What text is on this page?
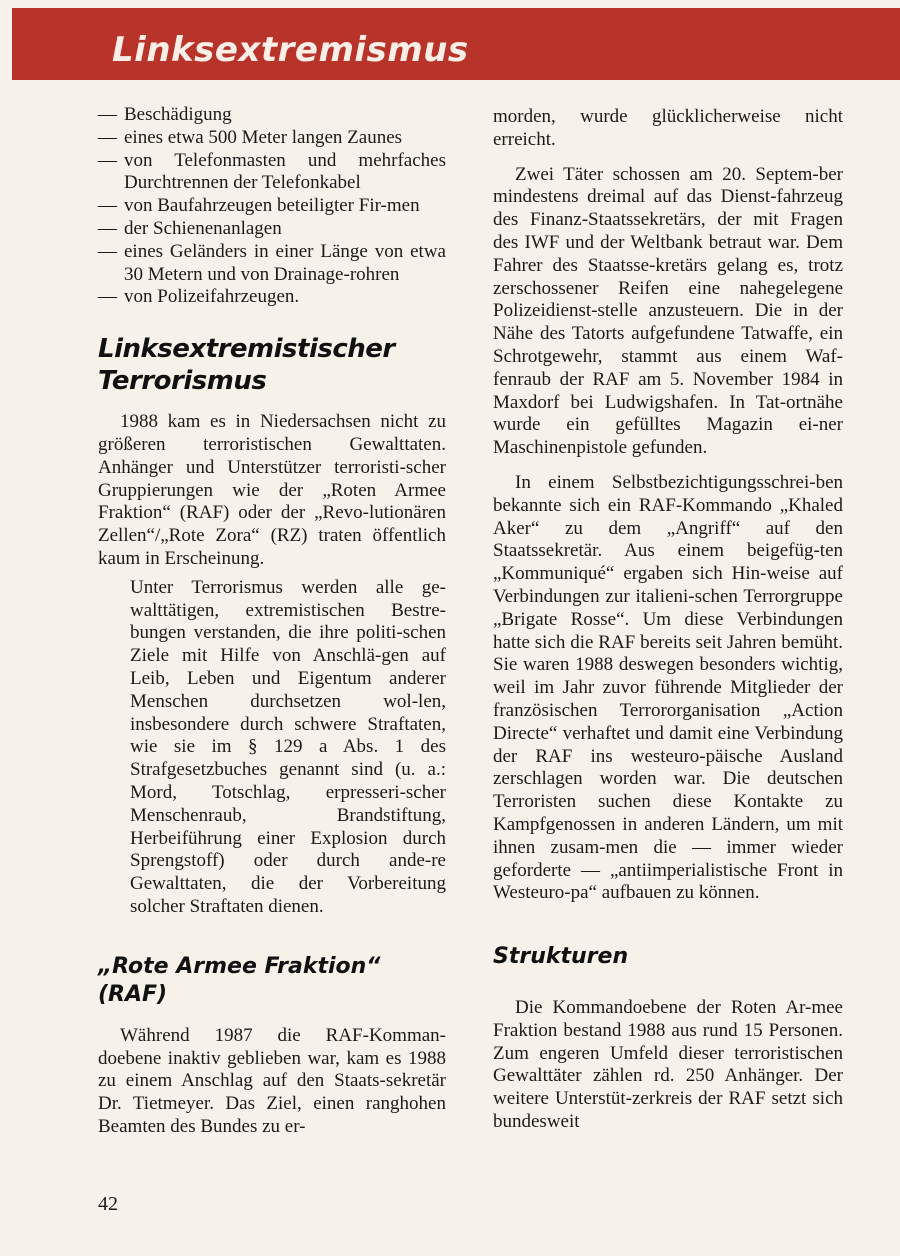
Linksextremismus
— Beschädigung
— eines etwa 500 Meter langen Zaunes
— von Telefonmasten und mehrfaches Durchtrennen der Telefonkabel
— von Baufahrzeugen beteiligter Fir-men
— der Schienenanlagen
— eines Geländers in einer Länge von etwa 30 Metern und von Drainage-rohren
— von Polizeifahrzeugen.
Linksextremistischer
Terrorismus

1988 kam es in Niedersachsen nicht zu größeren terroristischen Gewalttaten. Anhänger und Unterstützer terroristi-scher Gruppierungen wie der „Roten Armee Fraktion“ (RAF) oder der „Revo-lutionären Zellen“/„Rote Zora“ (RZ) traten öffentlich kaum in Erscheinung.

Unter Terrorismus werden alle ge-walttätigen, extremistischen Bestre-bungen verstanden, die ihre politi-schen Ziele mit Hilfe von Anschlä-gen auf Leib, Leben und Eigentum anderer Menschen durchsetzen wol-len, insbesondere durch schwere Straftaten, wie sie im § 129 a Abs. 1 des Strafgesetzbuches genannt sind (u. a.: Mord, Totschlag, erpresseri-scher Menschenraub, Brandstiftung, Herbeiführung einer Explosion durch Sprengstoff) oder durch ande-re Gewalttaten, die der Vorbereitung solcher Straftaten dienen.

„Rote Armee Fraktion“
(RAF)

Während 1987 die RAF-Komman-doebene inaktiv geblieben war, kam es 1988 zu einem Anschlag auf den Staats-sekretär Dr. Tietmeyer. Das Ziel, einen ranghohen Beamten des Bundes zu er-

morden, wurde glücklicherweise nicht erreicht.

Zwei Täter schossen am 20. Septem-ber mindestens dreimal auf das Dienst-fahrzeug des Finanz-Staatssekretärs, der mit Fragen des IWF und der Weltbank betraut war. Dem Fahrer des Staatsse-kretärs gelang es, trotz zerschossener Reifen eine nahegelegene Polizeidienst-stelle anzusteuern. Die in der Nähe des Tatorts aufgefundene Tatwaffe, ein Schrotgewehr, stammt aus einem Waf-fenraub der RAF am 5. November 1984 in Maxdorf bei Ludwigshafen. In Tat-ortnähe wurde ein gefülltes Magazin ei-ner Maschinenpistole gefunden.

In einem Selbstbezichtigungsschrei-ben bekannte sich ein RAF-Kommando „Khaled Aker“ zu dem „Angriff“ auf den Staatssekretär. Aus einem beigefüg-ten „Kommuniqué“ ergaben sich Hin-weise auf Verbindungen zur italieni-schen Terrorgruppe „Brigate Rosse“. Um diese Verbindungen hatte sich die RAF bereits seit Jahren bemüht. Sie waren 1988 deswegen besonders wichtig, weil im Jahr zuvor führende Mitglieder der französischen Terrororganisation „Action Directe“ verhaftet und damit eine Verbindung der RAF ins westeuro-päische Ausland zerschlagen worden war. Die deutschen Terroristen suchen diese Kontakte zu Kampfgenossen in anderen Ländern, um mit ihnen zusam-men die — immer wieder geforderte — „antiimperialistische Front in Westeuro-pa“ aufbauen zu können.

Strukturen

Die Kommandoebene der Roten Ar-mee Fraktion bestand 1988 aus rund 15 Personen. Zum engeren Umfeld dieser terroristischen Gewalttäter zählen rd. 250 Anhänger. Der weitere Unterstüt-zerkreis der RAF setzt sich bundesweit

42
